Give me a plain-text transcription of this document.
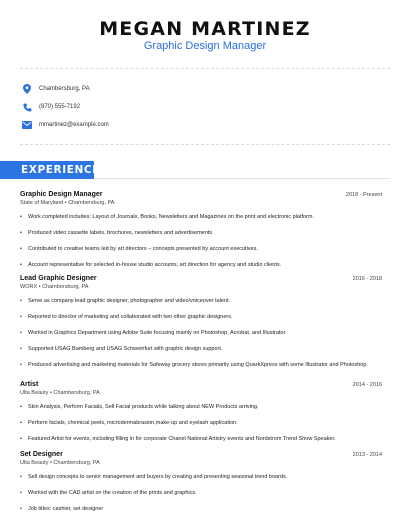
MEGAN MARTINEZ
Graphic Design Manager
Chambersburg, PA
(870) 555-7192
mmartinez@example.com
EXPERIENCE
Graphic Design Manager	2018 - Present
State of Maryland • Chambersburg, PA
•	Work completed includes: Layout of Journals, Books, Newsletters and Magazines on the print and electronic platform.
•	Produced video cassette labels, brochures, newsletters and advertisements.
•	Contributed to creative teams led by art directors – concepts presented by account executives.
•	Account representative for selected in-house studio accounts, art direction for agency and studio clients.
Lead Graphic Designer	2016 - 2018
WORX • Chambersburg, PA
•	Serve as company lead graphic designer, photographer and video/voiceover talent.
•	Reported to director of marketing and collaborated with two other graphic designers.
•	Worked in Graphics Department using Adobe Suite focusing mainly on Photoshop, Acrobat, and Illustrator.
•	Supported USAG Bamberg and USAG Schweinfurt with graphic design support.
•	Produced advertising and marketing materials for Safeway grocery stores primarily using QuarkXpress with some Illustrator and Photoshop.
Artist	2014 - 2016
Ulta Beauty • Chambersburg, PA
•	Skin Analysis, Perform Facials, Sell Facial products while talking about NEW Products arriving.
•	Perform facials, chemical peels, microdermabrasion,make-up and eyelash application.
•	Featured Artist for events, including filling in for corporate Chanel National Artistry events and Nordstrom Trend Show Speaker.
Set Designer	2013 - 2014
Ulta Beauty • Chambersburg, PA
•	Sell design concepts to senior management and buyers by creating and presenting seasonal trend boards.
•	Worked with the CAD artist on the creation of the prints and graphics.
•	Job titles: cashier, set designer
